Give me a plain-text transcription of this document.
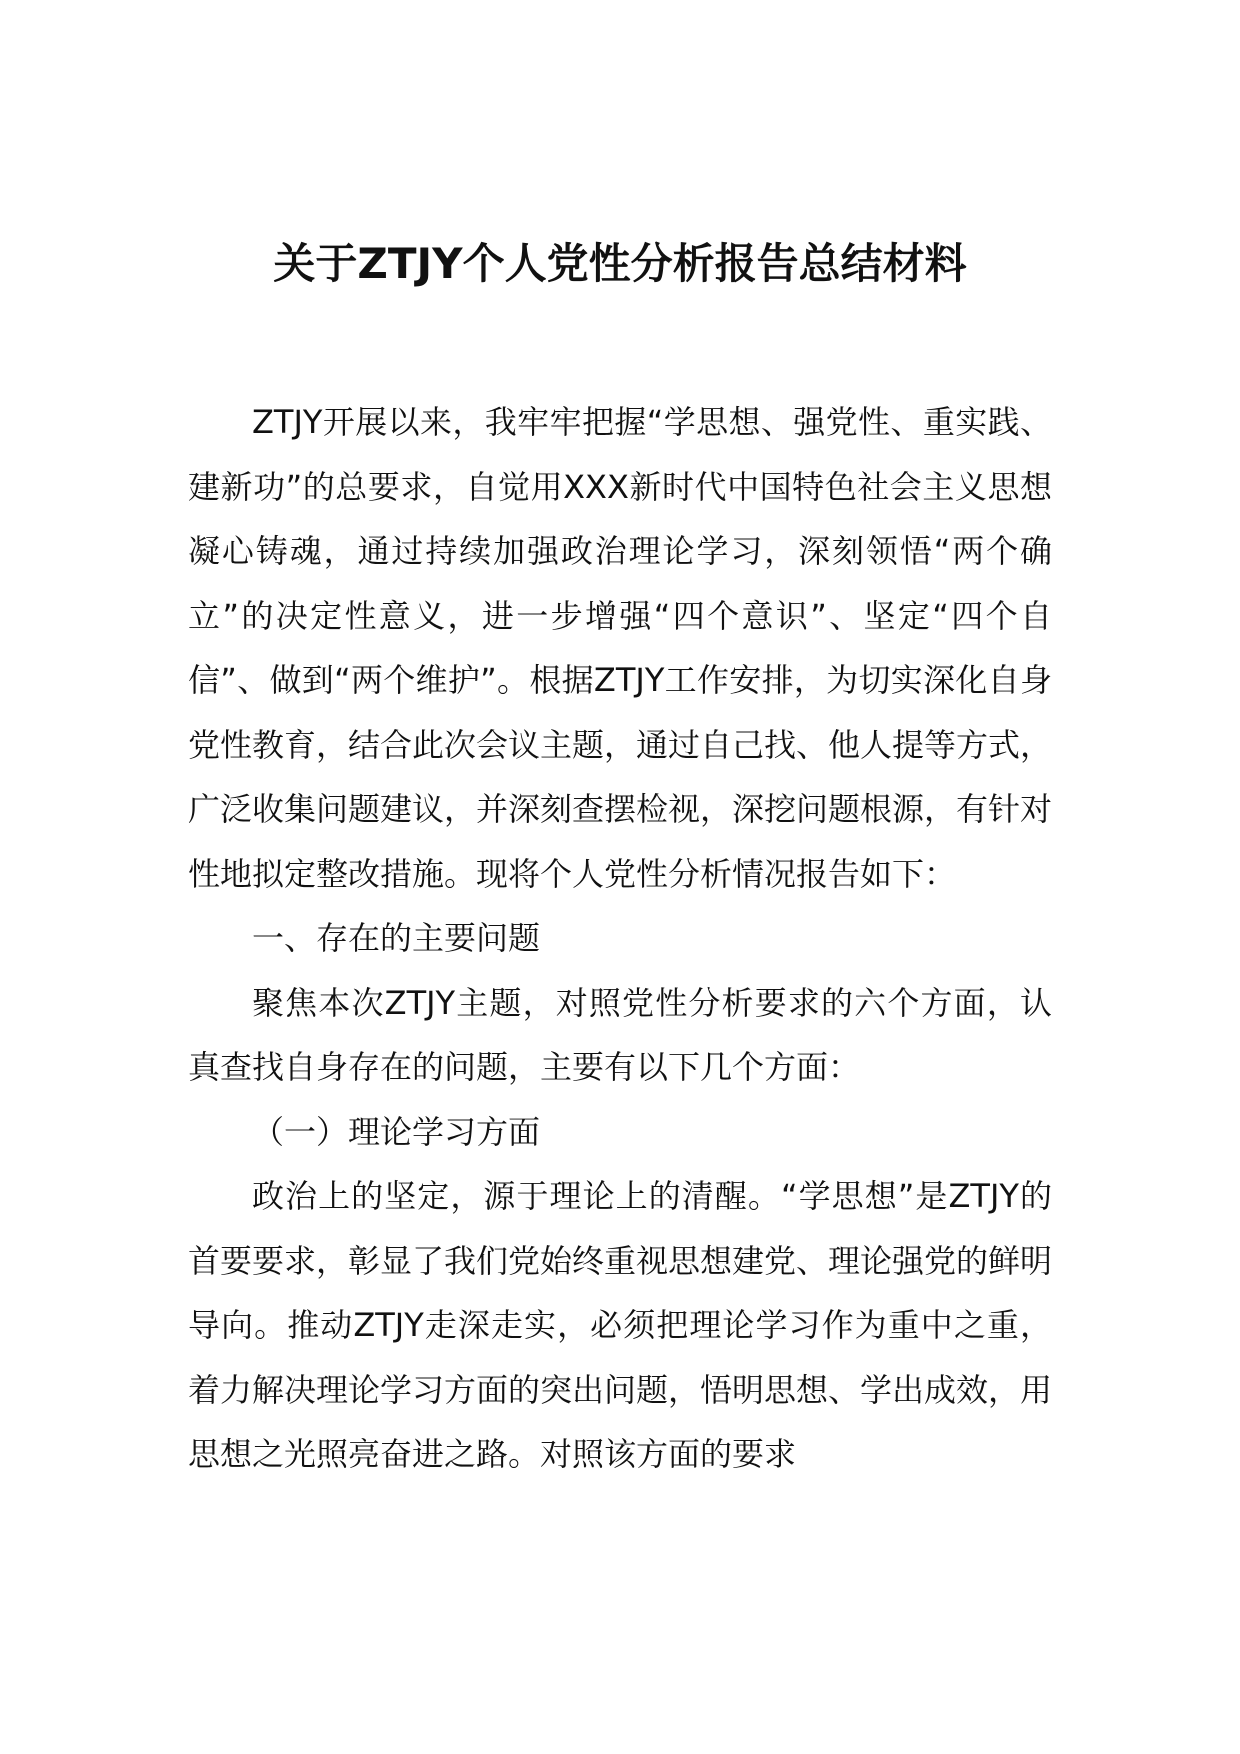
关于ZTJY个人党性分析报告总结材料

ZTJY开展以来，我牢牢把握“学思想、强党性、重实践、建新功”的总要求，自觉用XXX新时代中国特色社会主义思想凝心铸魂，通过持续加强政治理论学习，深刻领悟“两个确立”的决定性意义，进一步增强“四个意识”、坚定“四个自信”、做到“两个维护”。根据ZTJY工作安排，为切实深化自身党性教育，结合此次会议主题，通过自己找、他人提等方式，广泛收集问题建议，并深刻查摆检视，深挖问题根源，有针对性地拟定整改措施。现将个人党性分析情况报告如下：

一、存在的主要问题

聚焦本次ZTJY主题，对照党性分析要求的六个方面，认真查找自身存在的问题，主要有以下几个方面：

（一）理论学习方面

政治上的坚定，源于理论上的清醒。“学思想”是ZTJY的首要要求，彰显了我们党始终重视思想建党、理论强党的鲜明导向。推动ZTJY走深走实，必须把理论学习作为重中之重，着力解决理论学习方面的突出问题，悟明思想、学出成效，用思想之光照亮奋进之路。对照该方面的要求
